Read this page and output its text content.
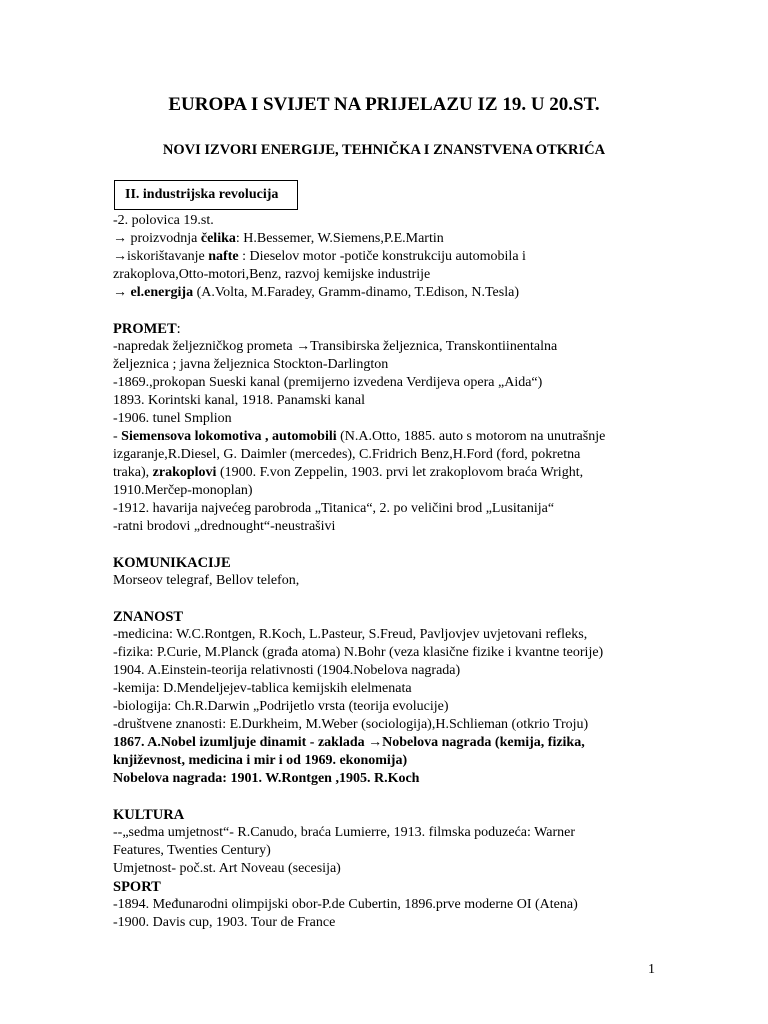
EUROPA I SVIJET NA PRIJELAZU IZ 19. U 20.ST.
NOVI IZVORI ENERGIJE, TEHNIČKA I ZNANSTVENA OTKRIĆA
II. industrijska revolucija
-2. polovica 19.st.
→ proizvodnja čelika: H.Bessemer, W.Siemens,P.E.Martin
→iskorištavanje nafte : Dieselov motor -potiče konstrukciju automobila i
zrakoplova,Otto-motori,Benz, razvoj kemijske industrije
→ el.energija (A.Volta, M.Faradey, Gramm-dinamo, T.Edison, N.Tesla)
PROMET:
-napredak željezničkog prometa →Transibirska željeznica, Transkontiinentalna
željeznica ; javna željeznica Stockton-Darlington
-1869.,prokopan Sueski kanal (premijerno izvedena Verdijeva opera „Aida“)
1893. Korintski kanal, 1918. Panamski kanal
-1906. tunel Smplion
- Siemensova lokomotiva , automobili (N.A.Otto, 1885. auto s motorom na unutrašnje
izgaranje,R.Diesel, G. Daimler (mercedes), C.Fridrich Benz,H.Ford (ford, pokretna
traka), zrakoplovi (1900. F.von Zeppelin, 1903. prvi let zrakoplovom braća Wright,
1910.Merčep-monoplan)
-1912. havarija najvećeg parobroda „Titanica“, 2. po veličini brod „Lusitanija“
-ratni brodovi „drednought“-neustrašivi
KOMUNIKACIJE
Morseov telegraf, Bellov telefon,
ZNANOST
-medicina: W.C.Rontgen, R.Koch, L.Pasteur, S.Freud, Pavljovjev uvjetovani refleks,
-fizika: P.Curie, M.Planck (građa atoma) N.Bohr (veza klasične fizike i kvantne teorije)
1904. A.Einstein-teorija relativnosti (1904.Nobelova nagrada)
-kemija: D.Mendeljejev-tablica kemijskih elelmenata
-biologija: Ch.R.Darwin „Podrijetlo vrsta (teorija evolucije)
-društvene znanosti: E.Durkheim, M.Weber (sociologija),H.Schlieman (otkrio Troju)
1867. A.Nobel izumljuje dinamit - zaklada →Nobelova nagrada (kemija, fizika,
književnost, medicina i mir i od 1969. ekonomija)
Nobelova nagrada: 1901. W.Rontgen ,1905. R.Koch
KULTURA
--„sedma umjetnost“- R.Canudo, braća Lumierre, 1913. filmska poduzeća: Warner
Features, Twenties Century)
Umjetnost- poč.st. Art Noveau (secesija)
SPORT
-1894. Međunarodni olimpijski obor-P.de Cubertin, 1896.prve moderne OI (Atena)
-1900. Davis cup, 1903. Tour de France
1
